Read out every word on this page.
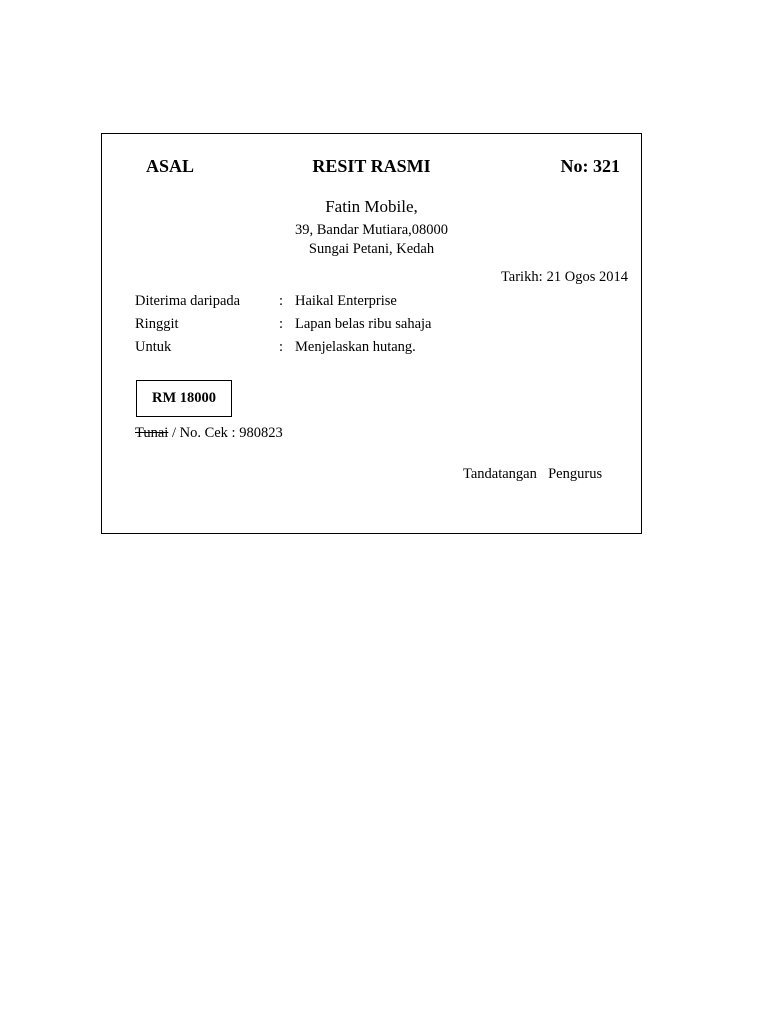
ASAL	RESIT RASMI	No: 321
Fatin Mobile,
39, Bandar Mutiara,08000
Sungai Petani, Kedah
Tarikh: 21 Ogos 2014
Diterima daripada	: Haikal Enterprise
Ringgit	: Lapan belas ribu sahaja
Untuk	: Menjelaskan hutang.
RM 18000
Tunai / No. Cek : 980823
Tandatangan  Pengurus
